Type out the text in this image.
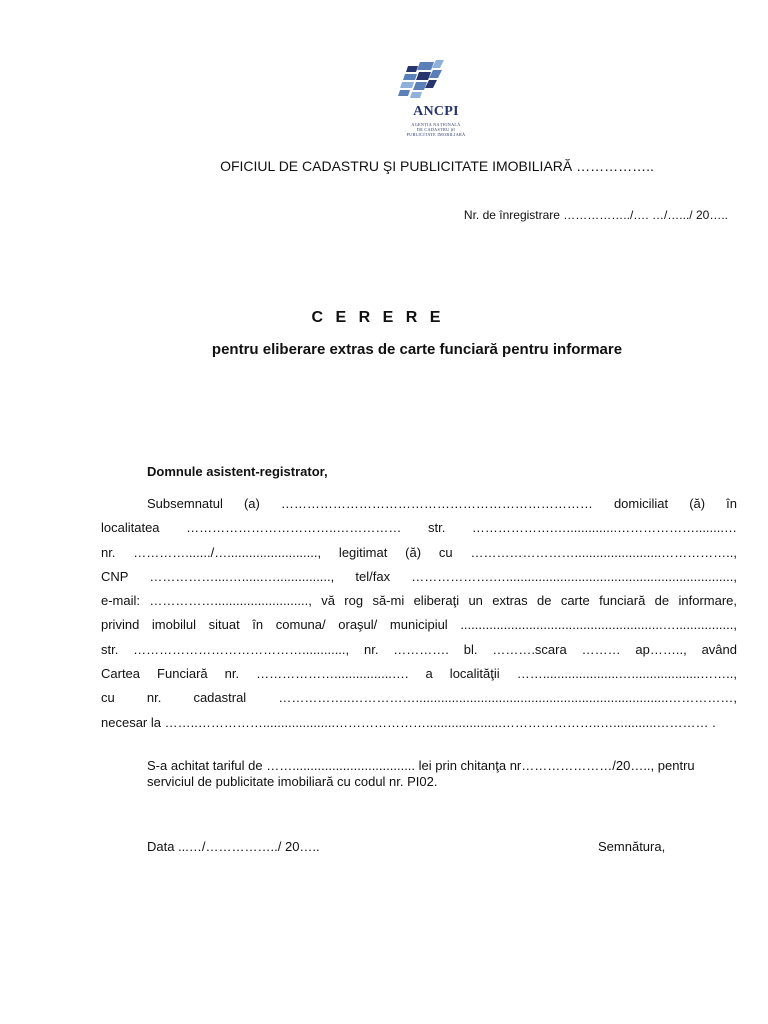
ANCPI
AGENȚIA NAȚIONALĂ
DE CADASTRU ȘI
PUBLICITATE IMOBILIARĂ
OFICIUL DE CADASTRU ŞI PUBLICITATE IMOBILIARĂ ……………..
Nr. de înregistrare ……………../…. …/….../ 20…..
C E R E R E
pentru eliberare extras de carte funciară pentru informare
Domnule asistent-registrator,
Subsemnatul (a) ……………………………………………………………… domiciliat (ă) în
localitatea ……………………………..…………… str. ……………….…..............………………........…
nr. …………......./…........................., legitimat (ă) cu ……………………........................……………..,
CNP ……………....…......…..............., tel/fax ……………….…...............................................................,
e-mail: …………….........................., vă rog să-mi eliberaţi un extras de carte funciară de informare,
privind imobilul situat în comuna/ oraşul/ municipiul ........................................................…................,
str. …………………………………............, nr. …………. bl. ……….scara ……… ap…….., având
Cartea Funciară nr. ………………................…. a localităţii …….....................…...................……..,
cu nr. cadastral ……………..……………......................................................................……………,
necesar la ……..……………....................………………….....................…………………..…............………… .
S-a achitat tariful de …….................................. lei prin chitanţa nr…………………/20….., pentru serviciul de publicitate imobiliară cu codul nr. PI02.
Data ...…/……………../ 20…..	Semnătura,
